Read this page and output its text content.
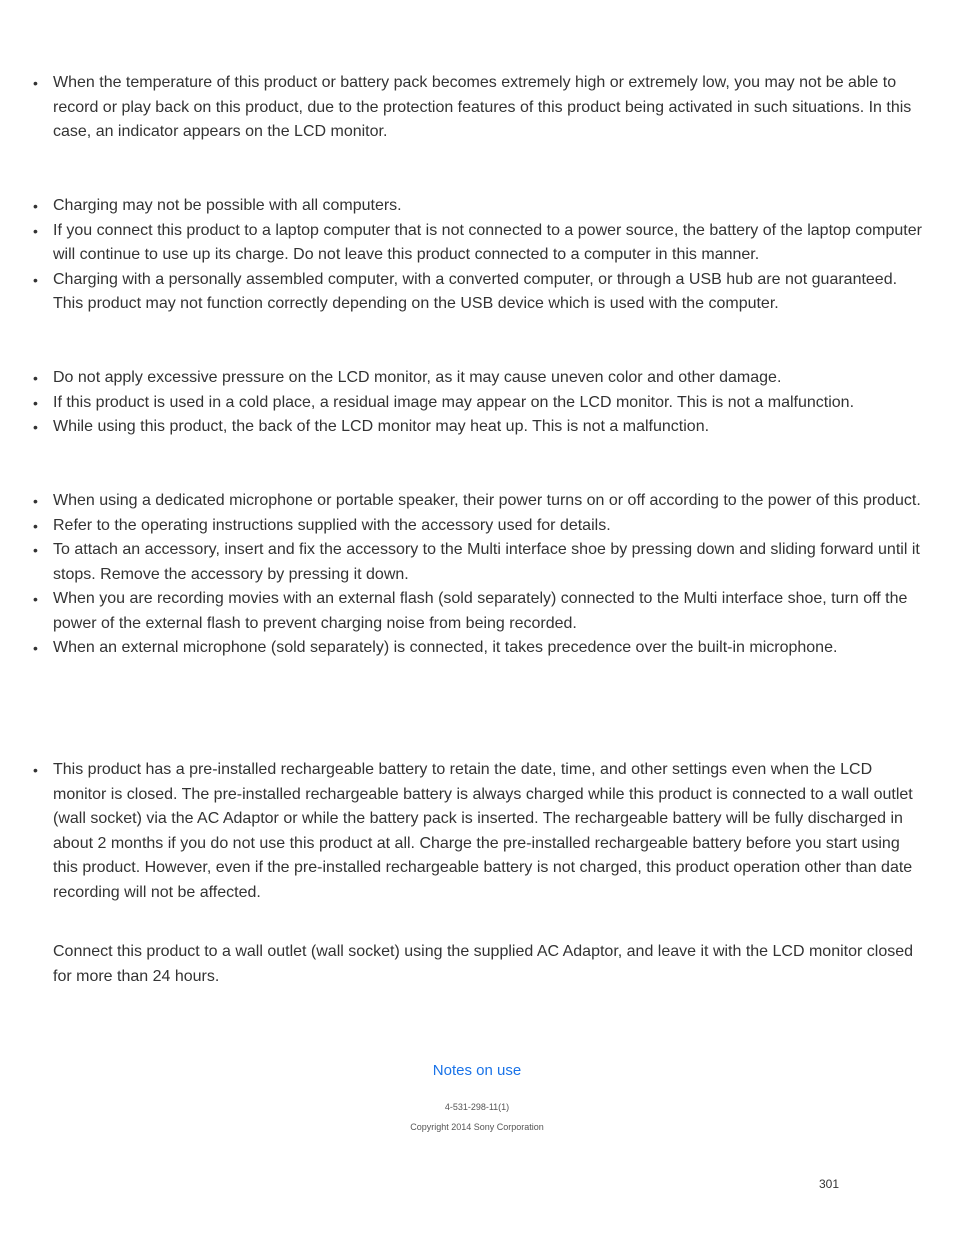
• When the temperature of this product or battery pack becomes extremely high or extremely low, you may not be able to record or play back on this product, due to the protection features of this product being activated in such situations. In this case, an indicator appears on the LCD monitor.
• Charging may not be possible with all computers.
• If you connect this product to a laptop computer that is not connected to a power source, the battery of the laptop computer will continue to use up its charge. Do not leave this product connected to a computer in this manner.
• Charging with a personally assembled computer, with a converted computer, or through a USB hub are not guaranteed. This product may not function correctly depending on the USB device which is used with the computer.
• Do not apply excessive pressure on the LCD monitor, as it may cause uneven color and other damage.
• If this product is used in a cold place, a residual image may appear on the LCD monitor. This is not a malfunction.
• While using this product, the back of the LCD monitor may heat up. This is not a malfunction.
• When using a dedicated microphone or portable speaker, their power turns on or off according to the power of this product.
• Refer to the operating instructions supplied with the accessory used for details.
• To attach an accessory, insert and fix the accessory to the Multi interface shoe by pressing down and sliding forward until it stops. Remove the accessory by pressing it down.
• When you are recording movies with an external flash (sold separately) connected to the Multi interface shoe, turn off the power of the external flash to prevent charging noise from being recorded.
• When an external microphone (sold separately) is connected, it takes precedence over the built-in microphone.
• This product has a pre-installed rechargeable battery to retain the date, time, and other settings even when the LCD monitor is closed. The pre-installed rechargeable battery is always charged while this product is connected to a wall outlet (wall socket) via the AC Adaptor or while the battery pack is inserted. The rechargeable battery will be fully discharged in about 2 months if you do not use this product at all. Charge the pre-installed rechargeable battery before you start using this product. However, even if the pre-installed rechargeable battery is not charged, this product operation other than date recording will not be affected.

Connect this product to a wall outlet (wall socket) using the supplied AC Adaptor, and leave it with the LCD monitor closed for more than 24 hours.

Notes on use
4-531-298-11(1)
Copyright 2014 Sony Corporation
301
